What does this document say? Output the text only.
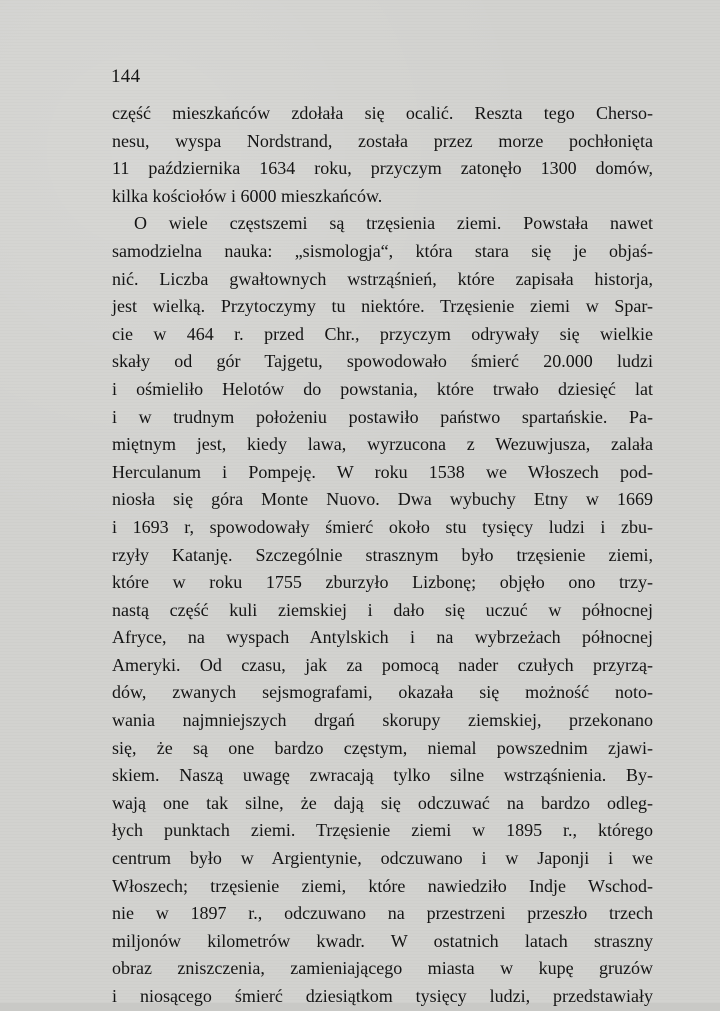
144
część mieszkańców zdołała się ocalić. Reszta tego Cherso-
nesu, wyspa Nordstrand, została przez morze pochłonięta
11 października 1634 roku, przyczym zatonęło 1300 domów,
kilka kościołów i 6000 mieszkańców.
O wiele częstszemi są trzęsienia ziemi. Powstała nawet
samodzielna nauka: „sismologja“, która stara się je objaś-
nić. Liczba gwałtownych wstrząśnień, które zapisała historja,
jest wielką. Przytoczymy tu niektóre. Trzęsienie ziemi w Spar-
cie w 464 r. przed Chr., przyczym odrywały się wielkie
skały od gór Tajgetu, spowodowało śmierć 20.000 ludzi
i ośmieliło Helotów do powstania, które trwało dziesięć lat
i w trudnym położeniu postawiło państwo spartańskie. Pa-
miętnym jest, kiedy lawa, wyrzucona z Wezuwjusza, zalała
Herculanum i Pompeję. W roku 1538 we Włoszech pod-
niosła się góra Monte Nuovo. Dwa wybuchy Etny w 1669
i 1693 r, spowodowały śmierć około stu tysięcy ludzi i zbu-
rzyły Katanję. Szczególnie strasznym było trzęsienie ziemi,
które w roku 1755 zburzyło Lizbonę; objęło ono trzy-
nastą część kuli ziemskiej i dało się uczuć w północnej
Afryce, na wyspach Antylskich i na wybrzeżach północnej
Ameryki. Od czasu, jak za pomocą nader czułych przyrzą-
dów, zwanych sejsmografami, okazała się możność noto-
wania najmniejszych drgań skorupy ziemskiej, przekonano
się, że są one bardzo częstym, niemal powszednim zjawi-
skiem. Naszą uwagę zwracają tylko silne wstrząśnienia. By-
wają one tak silne, że dają się odczuwać na bardzo odleg-
łych punktach ziemi. Trzęsienie ziemi w 1895 r., którego
centrum było w Argientynie, odczuwano i w Japonji i we
Włoszech; trzęsienie ziemi, które nawiedziło Indje Wschod-
nie w 1897 r., odczuwano na przestrzeni przeszło trzech
miljonów kilometrów kwadr. W ostatnich latach straszny
obraz zniszczenia, zamieniającego miasta w kupę gruzów
i niosącego śmierć dziesiątkom tysięcy ludzi, przedstawiały
